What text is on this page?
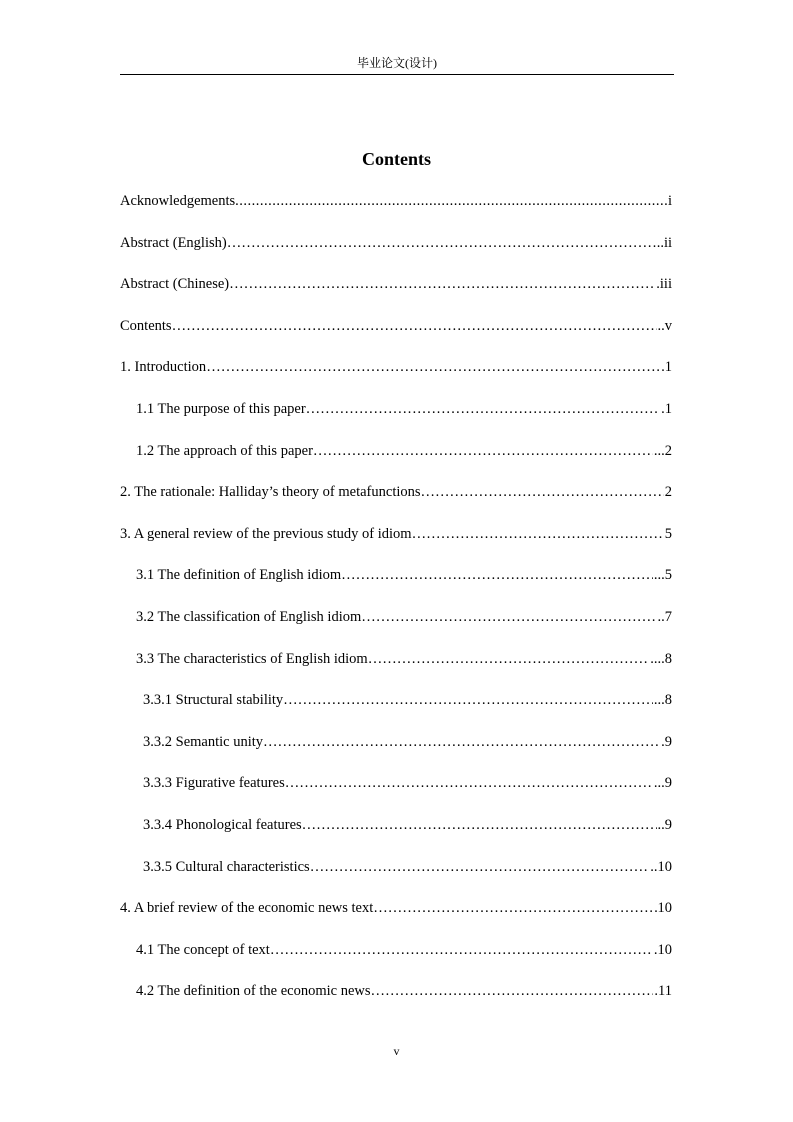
毕业论文(设计)
Contents
Acknowledgements .....	i
Abstract (English) ………………………………………………………………………………………………………………………………………………………………………………………………………………	..ii
Abstract (Chinese) ………………………………………………………………………………………………………………………………………………………………………………………………………………	.iii
Contents ………………………………………………………………………………………………………………………………………………………………………………………………………………	..v
1. Introduction ………………………………………………………………………………………………………………………………………………………………………………………………………………	1
1.1 The purpose of this paper ………………………………………………………………………………………………………………………………………………………………………………………………………………	.1
1.2 The approach of this paper ………………………………………………………………………………………………………………………………………………………………………………………………………………	...2
2. The rationale: Halliday’s theory of metafunctions ………………………………………………………………………………………………………………………………………………………………………………………………………………	2
3. A general review of the previous study of idiom ………………………………………………………………………………………………………………………………………………………………………………………………………………	5
3.1 The definition of English idiom ………………………………………………………………………………………………………………………………………………………………………………………………………………	...5
3.2 The classification of English idiom ………………………………………………………………………………………………………………………………………………………………………………………………………………	..7
3.3 The characteristics of English idiom ………………………………………………………………………………………………………………………………………………………………………………………………………………	....8
3.3.1 Structural stability ………………………………………………………………………………………………………………………………………………………………………………………………………………	...8
3.3.2 Semantic unity ………………………………………………………………………………………………………………………………………………………………………………………………………………	.9
3.3.3 Figurative features ………………………………………………………………………………………………………………………………………………………………………………………………………………	...9
3.3.4 Phonological features ………………………………………………………………………………………………………………………………………………………………………………………………………………	..9
3.3.5 Cultural characteristics ………………………………………………………………………………………………………………………………………………………………………………………………………………	..10
4. A brief review of the economic news text ………………………………………………………………………………………………………………………………………………………………………………………………………………	10
4.1 The concept of text ………………………………………………………………………………………………………………………………………………………………………………………………………………	.10
4.2 The definition of the economic news ………………………………………………………………………………………………………………………………………………………………………………………………………………	.11
v
